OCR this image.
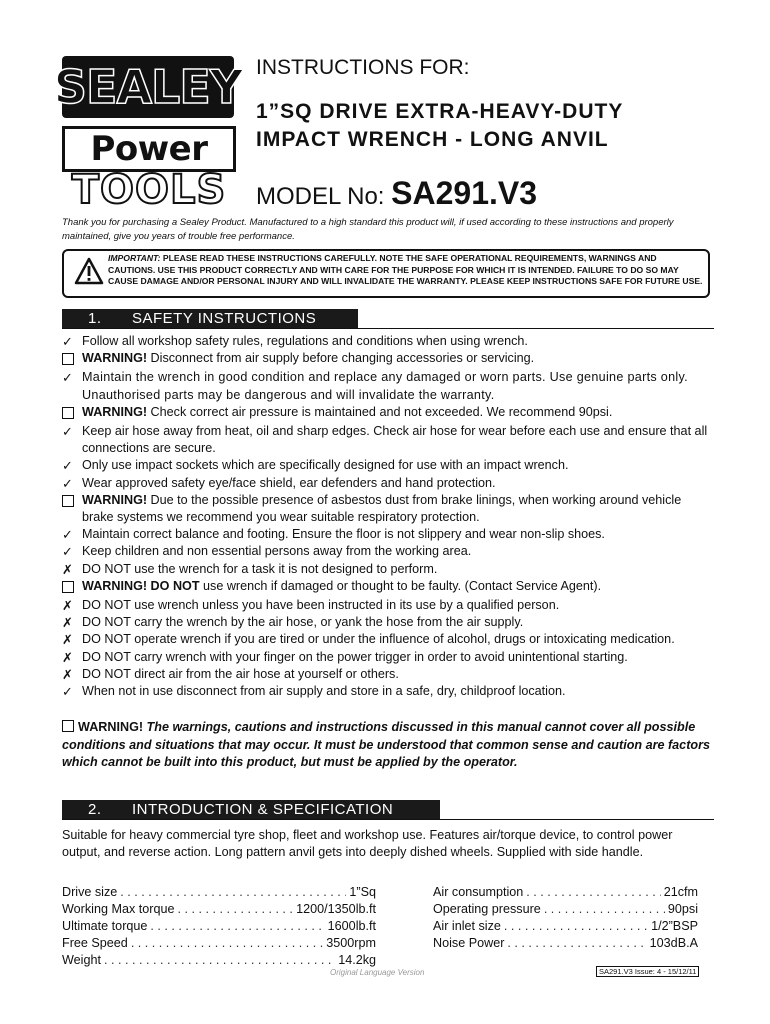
SEALEY
Power
TOOLS
INSTRUCTIONS FOR:
1”SQ DRIVE EXTRA-HEAVY-DUTY
IMPACT WRENCH - LONG ANVIL
MODEL No: SA291.V3
Thank you for purchasing a Sealey Product. Manufactured to a high standard this product will, if used according to these instructions and properly maintained, give you years of trouble free performance.
IMPORTANT: PLEASE READ THESE INSTRUCTIONS CAREFULLY. NOTE THE SAFE OPERATIONAL REQUIREMENTS, WARNINGS AND CAUTIONS. USE THIS PRODUCT CORRECTLY AND WITH CARE FOR THE PURPOSE FOR WHICH IT IS INTENDED. FAILURE TO DO SO MAY CAUSE DAMAGE AND/OR PERSONAL INJURY AND WILL INVALIDATE THE WARRANTY. PLEASE KEEP INSTRUCTIONS SAFE FOR FUTURE USE.
1.	SAFETY INSTRUCTIONS
✓ Follow all workshop safety rules, regulations and conditions when using wrench.
WARNING! Disconnect from air supply before changing accessories or servicing.
✓ Maintain the wrench in good condition and replace any damaged or worn parts. Use genuine parts only. Unauthorised parts may be dangerous and will invalidate the warranty.
WARNING! Check correct air pressure is maintained and not exceeded. We recommend 90psi.
✓ Keep air hose away from heat, oil and sharp edges. Check air hose for wear before each use and ensure that all connections are secure.
✓ Only use impact sockets which are specifically designed for use with an impact wrench.
✓ Wear approved safety eye/face shield, ear defenders and hand protection.
WARNING! Due to the possible presence of asbestos dust from brake linings, when working around vehicle brake systems we recommend you wear suitable respiratory protection.
✓ Maintain correct balance and footing. Ensure the floor is not slippery and wear non-slip shoes.
✓ Keep children and non essential persons away from the working area.
✗ DO NOT use the wrench for a task it is not designed to perform.
WARNING! DO NOT use wrench if damaged or thought to be faulty. (Contact Service Agent).
✗ DO NOT use wrench unless you have been instructed in its use by a qualified person.
✗ DO NOT carry the wrench by the air hose, or yank the hose from the air supply.
✗ DO NOT operate wrench if you are tired or under the influence of alcohol, drugs or intoxicating medication.
✗ DO NOT carry wrench with your finger on the power trigger in order to avoid unintentional starting.
✗ DO NOT direct air from the air hose at yourself or others.
✓ When not in use disconnect from air supply and store in a safe, dry, childproof location.
WARNING! The warnings, cautions and instructions discussed in this manual cannot cover all possible conditions and situations that may occur. It must be understood that common sense and caution are factors which cannot be built into this product, but must be applied by the operator.
2.	INTRODUCTION & SPECIFICATION
Suitable for heavy commercial tyre shop, fleet and workshop use. Features air/torque device, to control power output, and reverse action. Long pattern anvil gets into deeply dished wheels. Supplied with side handle.
Drive size . . .	1”Sq
Working Max torque . . .	1200/1350lb.ft
Ultimate torque . . .	1600lb.ft
Free Speed . . .	3500rpm
Weight . . .	14.2kg
Air consumption . . .	21cfm
Operating pressure . . .	90psi
Air inlet size . . .	1/2”BSP
Noise Power . . .	103dB.A
Original Language Version	SA291.V3 Issue: 4 - 15/12/11
